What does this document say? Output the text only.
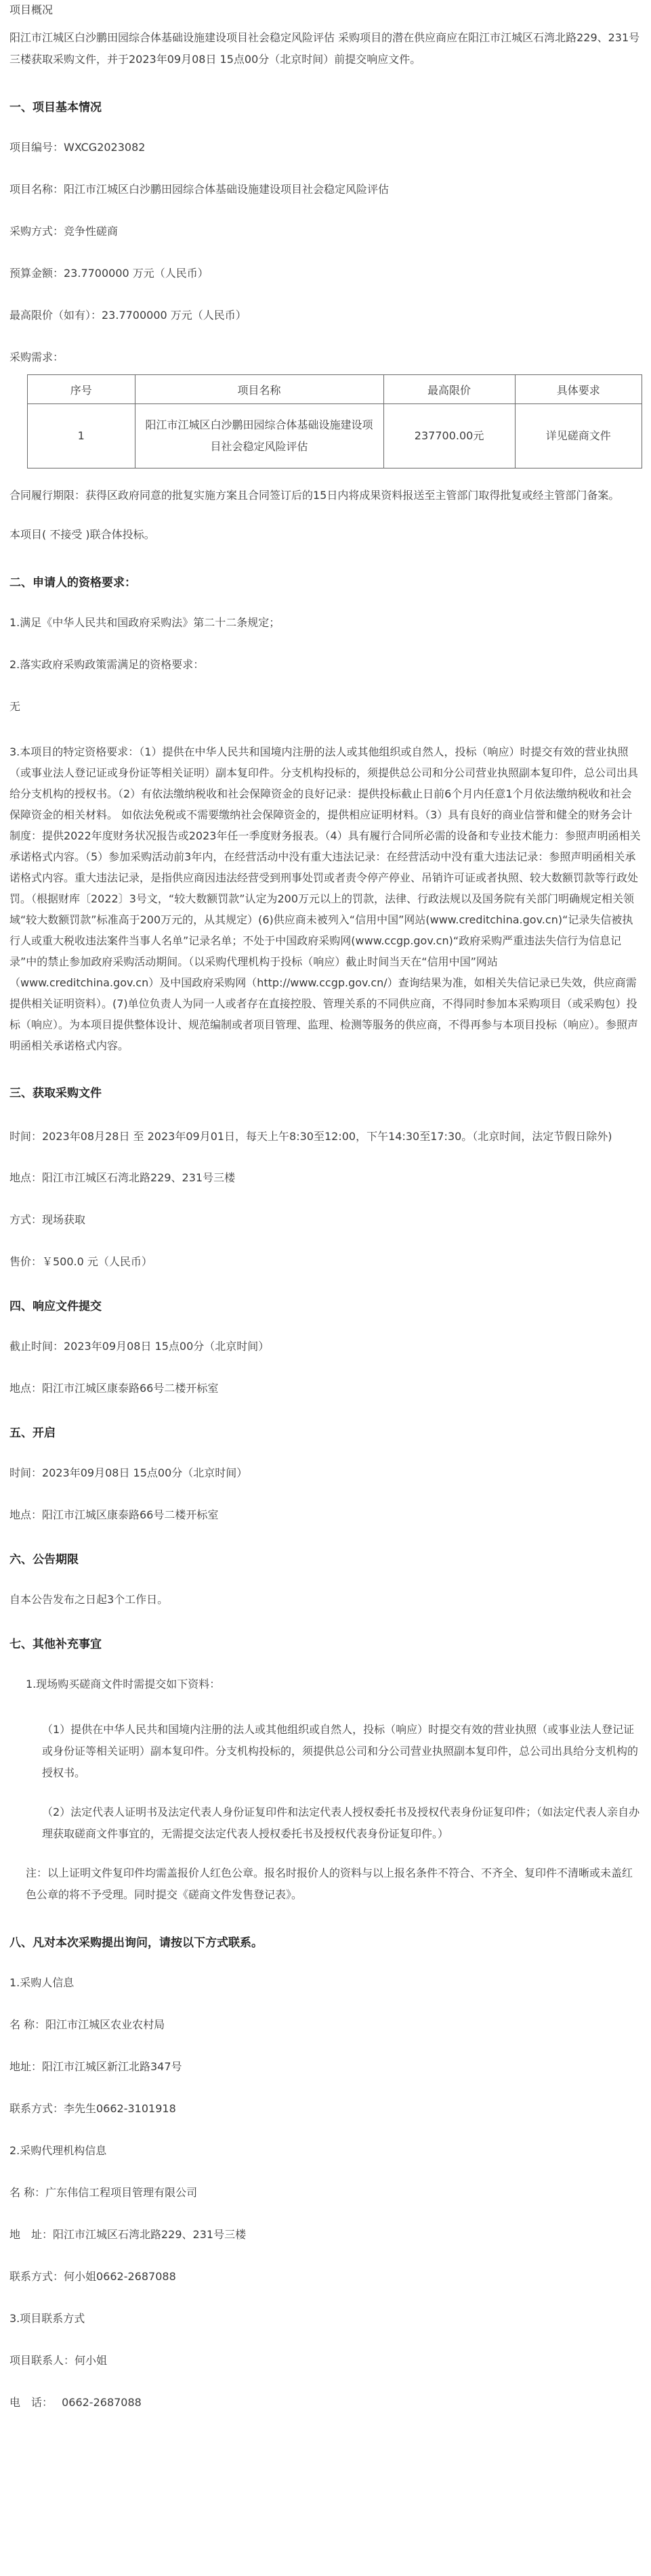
项目概况

阳江市江城区白沙鹏田园综合体基础设施建设项目社会稳定风险评估 采购项目的潜在供应商应在阳江市江城区石湾北路229、231号三楼获取采购文件，并于2023年09月08日 15点00分（北京时间）前提交响应文件。

一、项目基本情况
项目编号：WXCG2023082
项目名称：阳江市江城区白沙鹏田园综合体基础设施建设项目社会稳定风险评估
采购方式：竞争性磋商
预算金额：23.7700000 万元（人民币）
最高限价（如有）：23.7700000 万元（人民币）
采购需求：
序号	项目名称	最高限价	具体要求
1	阳江市江城区白沙鹏田园综合体基础设施建设项目社会稳定风险评估	237700.00元	详见磋商文件

合同履行期限：获得区政府同意的批复实施方案且合同签订后的15日内将成果资料报送至主管部门取得批复或经主管部门备案。

本项目( 不接受 )联合体投标。

二、申请人的资格要求：
1.满足《中华人民共和国政府采购法》第二十二条规定；
2.落实政府采购政策需满足的资格要求：
无

3.本项目的特定资格要求：（1）提供在中华人民共和国境内注册的法人或其他组织或自然人，投标（响应）时提交有效的营业执照（或事业法人登记证或身份证等相关证明）副本复印件。分支机构投标的，须提供总公司和分公司营业执照副本复印件，总公司出具给分支机构的授权书。（2）有依法缴纳税收和社会保障资金的良好记录：提供投标截止日前6个月内任意1个月依法缴纳税收和社会保障资金的相关材料。 如依法免税或不需要缴纳社会保障资金的，提供相应证明材料。（3）具有良好的商业信誉和健全的财务会计制度：提供2022年度财务状况报告或2023年任一季度财务报表。（4）具有履行合同所必需的设备和专业技术能力：参照声明函相关承诺格式内容。（5）参加采购活动前3年内，在经营活动中没有重大违法记录：在经营活动中没有重大违法记录：参照声明函相关承诺格式内容。重大违法记录，是指供应商因违法经营受到刑事处罚或者责令停产停业、吊销许可证或者执照、较大数额罚款等行政处罚。（根据财库〔2022〕3号文，“较大数额罚款”认定为200万元以上的罚款，法律、行政法规以及国务院有关部门明确规定相关领域“较大数额罚款”标准高于200万元的，从其规定）(6)供应商未被列入“信用中国”网站(www.creditchina.gov.cn)“记录失信被执行人或重大税收违法案件当事人名单”记录名单；不处于中国政府采购网(www.ccgp.gov.cn)“政府采购严重违法失信行为信息记录”中的禁止参加政府采购活动期间。（以采购代理机构于投标（响应）截止时间当天在“信用中国”网站（www.creditchina.gov.cn）及中国政府采购网（http://www.ccgp.gov.cn/）查询结果为准，如相关失信记录已失效，供应商需提供相关证明资料）。(7)单位负责人为同一人或者存在直接控股、管理关系的不同供应商，不得同时参加本采购项目（或采购包）投标（响应）。为本项目提供整体设计、规范编制或者项目管理、监理、检测等服务的供应商，不得再参与本项目投标（响应）。参照声明函相关承诺格式内容。

三、获取采购文件

时间：2023年08月28日 至 2023年09月01日，每天上午8:30至12:00，下午14:30至17:30。（北京时间，法定节假日除外)

地点：阳江市江城区石湾北路229、231号三楼
方式：现场获取
售价：￥500.0 元（人民币）
四、响应文件提交
截止时间：2023年09月08日 15点00分（北京时间）
地点：阳江市江城区康泰路66号二楼开标室
五、开启
时间：2023年09月08日 15点00分（北京时间）
地点：阳江市江城区康泰路66号二楼开标室
六、公告期限
自本公告发布之日起3个工作日。
七、其他补充事宜
1.现场购买磋商文件时需提交如下资料：

（1）提供在中华人民共和国境内注册的法人或其他组织或自然人，投标（响应）时提交有效的营业执照（或事业法人登记证或身份证等相关证明）副本复印件。分支机构投标的，须提供总公司和分公司营业执照副本复印件，总公司出具给分支机构的授权书。

（2）法定代表人证明书及法定代表人身份证复印件和法定代表人授权委托书及授权代表身份证复印件；（如法定代表人亲自办理获取磋商文件事宜的，无需提交法定代表人授权委托书及授权代表身份证复印件。）

注：以上证明文件复印件均需盖报价人红色公章。报名时报价人的资料与以上报名条件不符合、不齐全、复印件不清晰或未盖红色公章的将不予受理。同时提交《磋商文件发售登记表》。

八、凡对本次采购提出询问，请按以下方式联系。
1.采购人信息
名 称：阳江市江城区农业农村局
地址：阳江市江城区新江北路347号
联系方式：李先生0662-3101918
2.采购代理机构信息
名 称：广东伟信工程项目管理有限公司
地　址：阳江市江城区石湾北路229、231号三楼
联系方式：何小姐0662-2687088
3.项目联系方式
项目联系人：何小姐
电　话：　 0662-2687088
